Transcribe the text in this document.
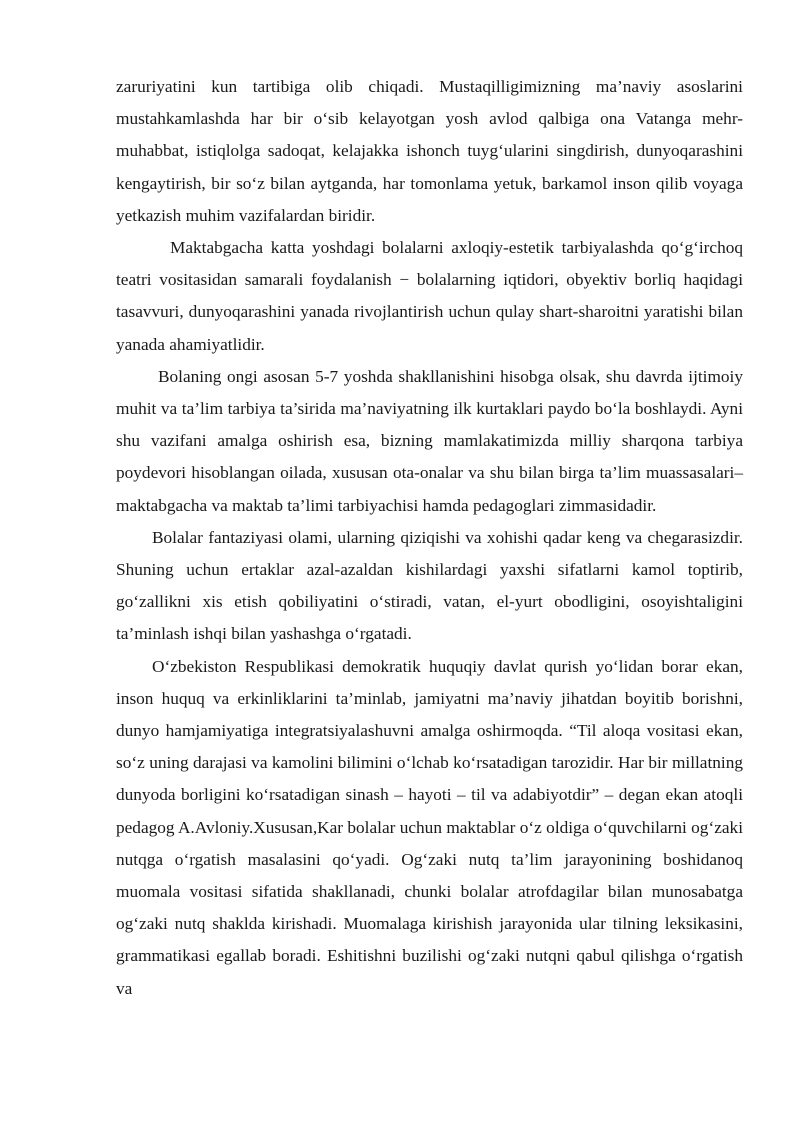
zaruriyatini kun tartibiga olib chiqadi. Mustaqilligimizning ma’naviy asoslarini mustahkamlashda har bir o‘sib kelayotgan yosh avlod qalbiga ona Vatanga mehr-muhabbat, istiqlolga sadoqat, kelajakka ishonch tuyg‘ularini singdirish, dunyoqarashini kengaytirish, bir so‘z bilan aytganda, har tomonlama yetuk, barkamol inson qilib voyaga yetkazish muhim vazifalardan biridir.

Maktabgacha katta yoshdagi bolalarni axloqiy-estetik tarbiyalashda qo‘g‘irchoq teatri vositasidan samarali foydalanish − bolalarning iqtidori, obyektiv borliq haqidagi tasavvuri, dunyoqarashini yanada rivojlantirish uchun qulay shart-sharoitni yaratishi bilan yanada ahamiyatlidir.

Bolaning ongi asosan 5-7 yoshda shakllanishini hisobga olsak, shu davrda ijtimoiy muhit va ta’lim tarbiya ta’sirida ma’naviyatning ilk kurtaklari paydo bo‘la boshlaydi. Ayni shu vazifani amalga oshirish esa, bizning mamlakatimizda milliy sharqona tarbiya poydevori hisoblangan oilada, xususan ota-onalar va shu bilan birga ta’lim muassasalari– maktabgacha va maktab ta’limi tarbiyachisi hamda pedagoglari zimmasidadir.

Bolalar fantaziyasi olami, ularning qiziqishi va xohishi qadar keng va chegarasizdir. Shuning uchun ertaklar azal-azaldan kishilardagi yaxshi sifatlarni kamol toptirib, go‘zallikni xis etish qobiliyatini o‘stiradi, vatan, el-yurt obodligini, osoyishtaligini ta’minlash ishqi bilan yashashga o‘rgatadi.

O‘zbekiston Respublikasi demokratik huquqiy davlat qurish yo‘lidan borar ekan, inson huquq va erkinliklarini ta’minlab, jamiyatni ma’naviy jihatdan boyitib borishni, dunyo hamjamiyatiga integratsiyalashuvni amalga oshirmoqda. “Til aloqa vositasi ekan, so‘z uning darajasi va kamolini bilimini o‘lchab ko‘rsatadigan tarozidir. Har bir millatning dunyoda borligini ko‘rsatadigan sinash – hayoti – til va adabiyotdir” – degan ekan atoqli pedagog A.Avloniy.Xususan,Kar bolalar uchun maktablar o‘z oldiga o‘quvchilarni og‘zaki nutqga o‘rgatish masalasini qo‘yadi. Og‘zaki nutq ta’lim jarayonining boshidanoq muomala vositasi sifatida shakllanadi, chunki bolalar atrofdagilar bilan munosabatga og‘zaki nutq shaklda kirishadi. Muomalaga kirishish jarayonida ular tilning leksikasini, grammatikasi egallab boradi. Eshitishni buzilishi og‘zaki nutqni qabul qilishga o‘rgatish va
